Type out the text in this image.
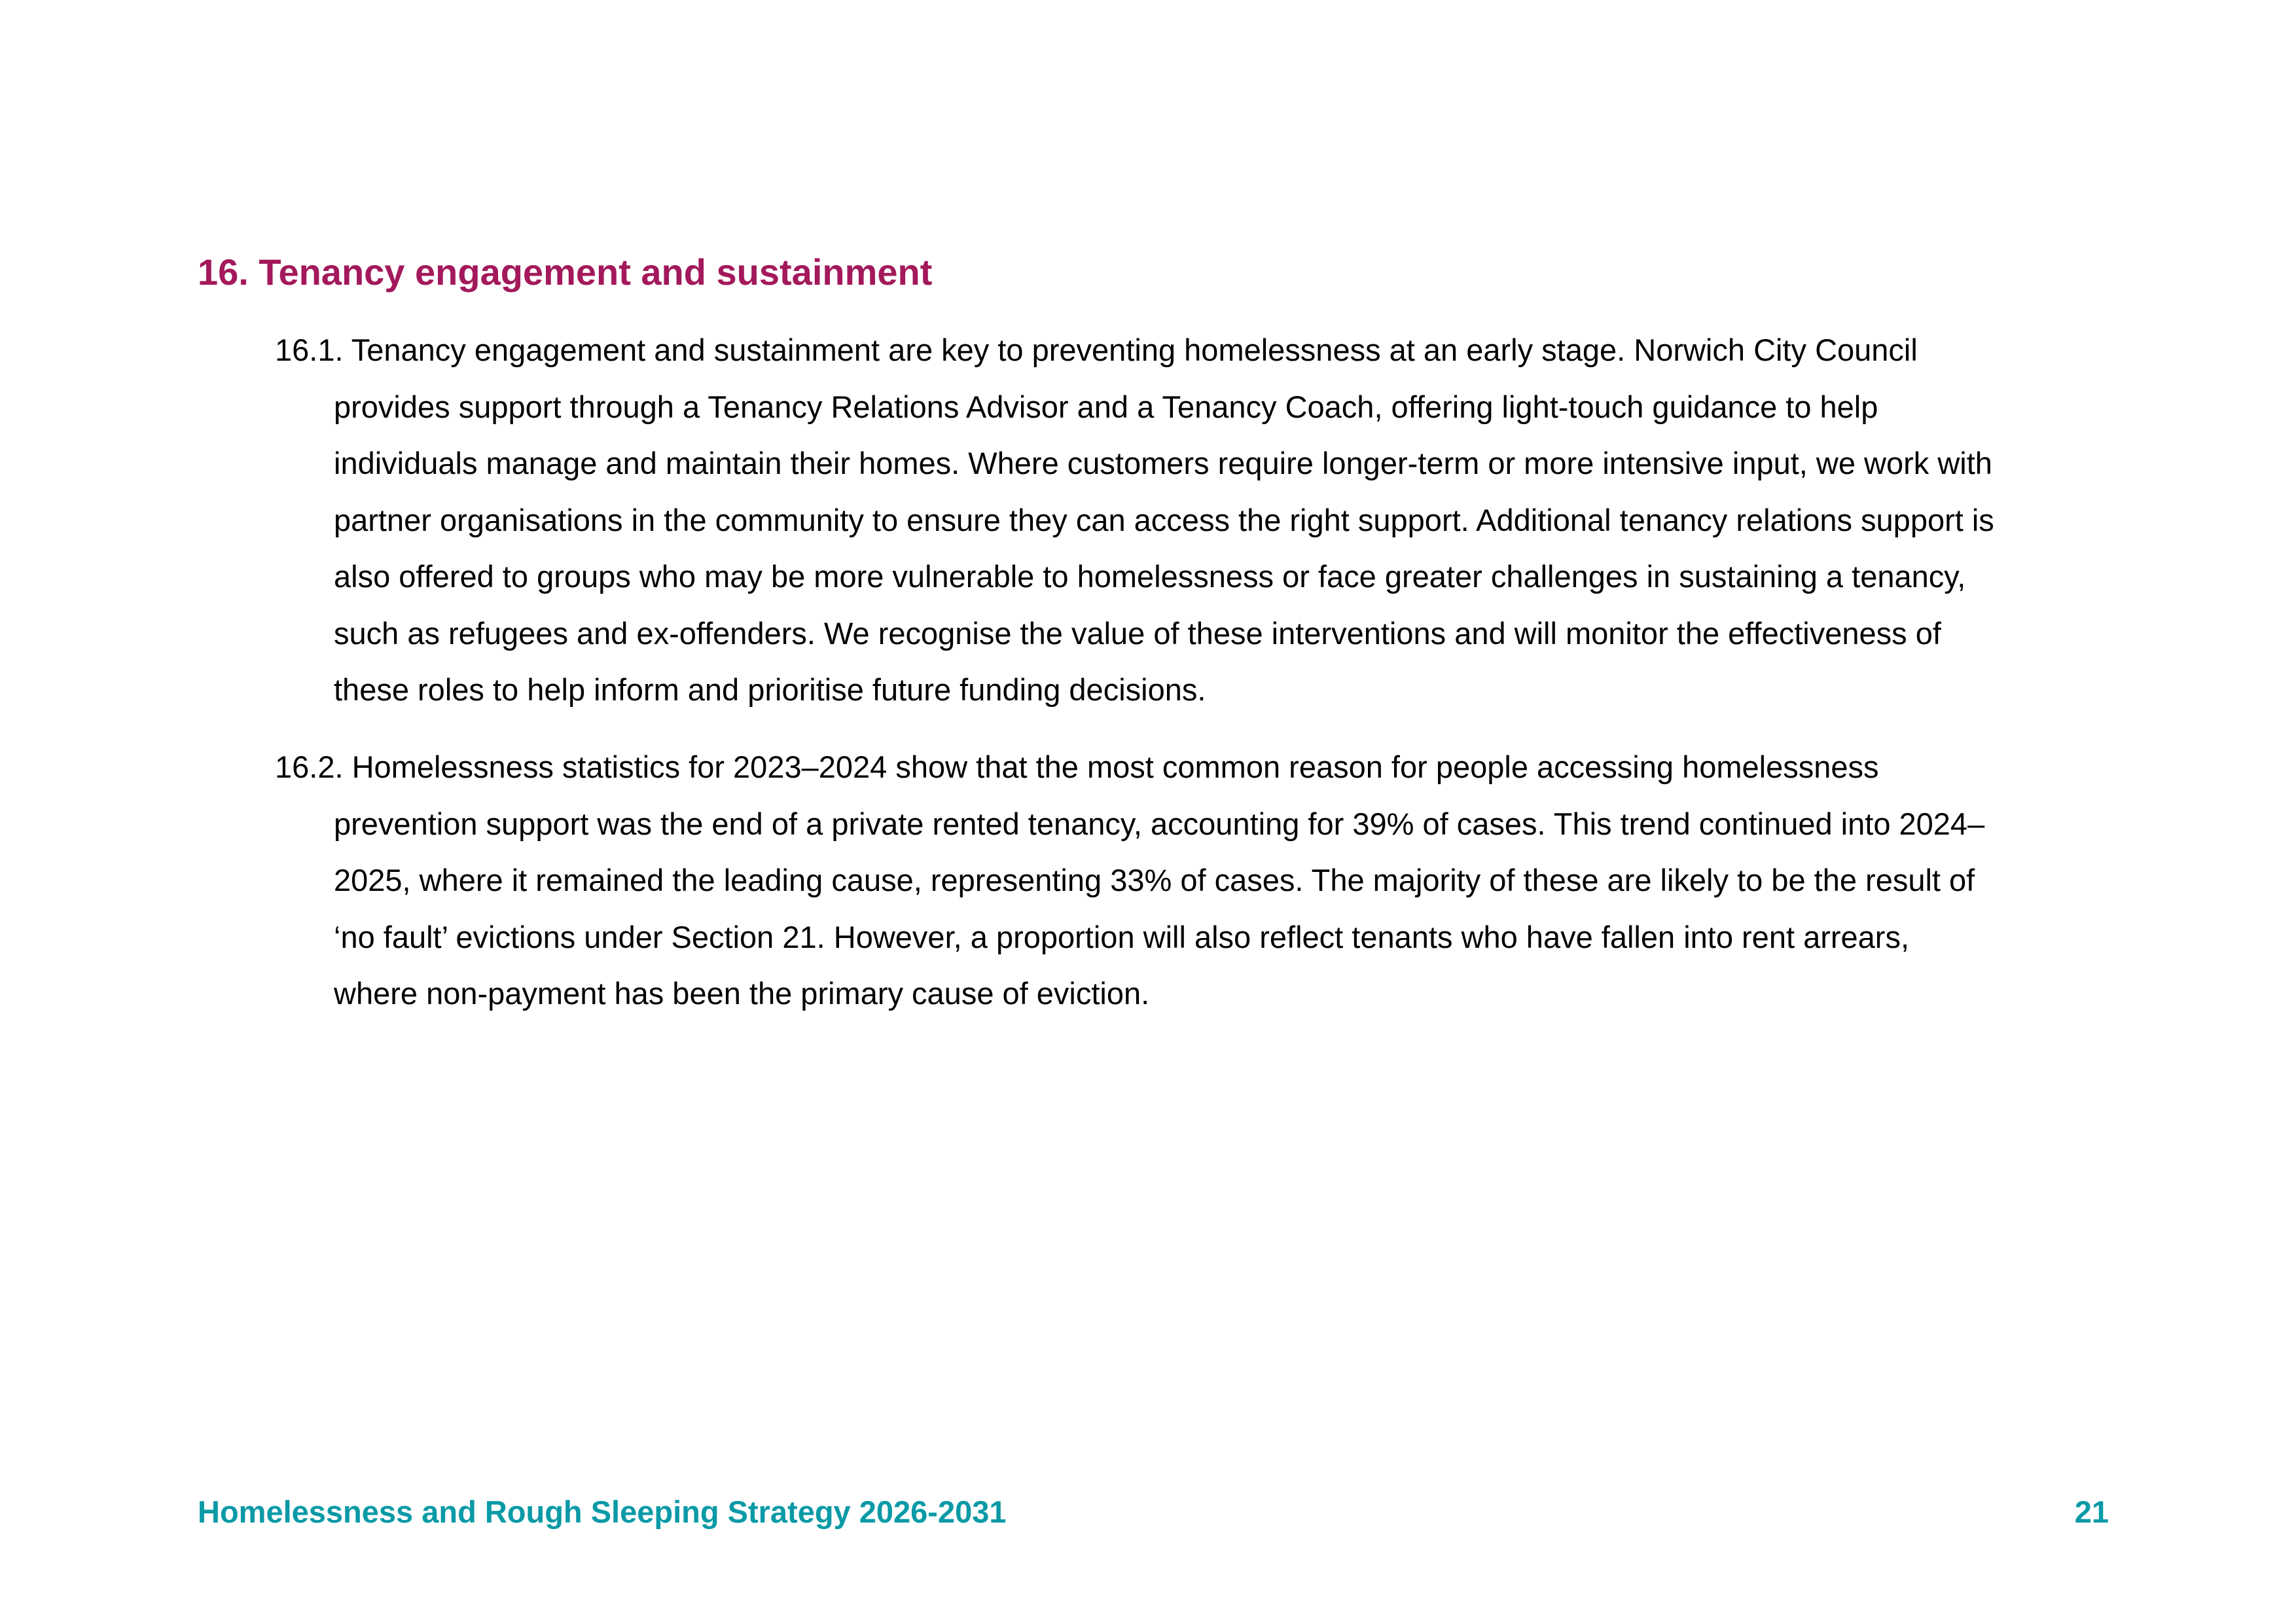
16. Tenancy engagement and sustainment

16.1. Tenancy engagement and sustainment are key to preventing homelessness at an early stage. Norwich City Council
provides support through a Tenancy Relations Advisor and a Tenancy Coach, offering light-touch guidance to help
individuals manage and maintain their homes. Where customers require longer-term or more intensive input, we work with
partner organisations in the community to ensure they can access the right support. Additional tenancy relations support is
also offered to groups who may be more vulnerable to homelessness or face greater challenges in sustaining a tenancy,
such as refugees and ex-offenders. We recognise the value of these interventions and will monitor the effectiveness of
these roles to help inform and prioritise future funding decisions.

16.2. Homelessness statistics for 2023–2024 show that the most common reason for people accessing homelessness
prevention support was the end of a private rented tenancy, accounting for 39% of cases. This trend continued into 2024–
2025, where it remained the leading cause, representing 33% of cases. The majority of these are likely to be the result of
‘no fault’ evictions under Section 21. However, a proportion will also reflect tenants who have fallen into rent arrears,
where non-payment has been the primary cause of eviction.

Homelessness and Rough Sleeping Strategy 2026-2031	21
